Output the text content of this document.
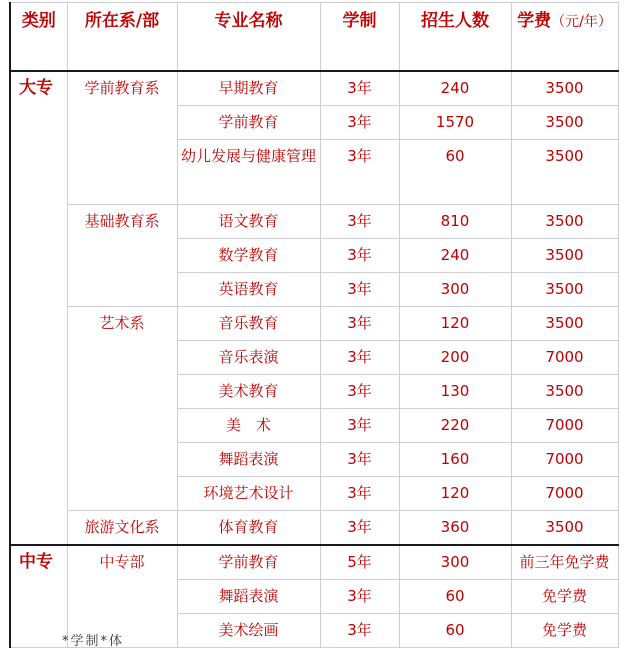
类别	所在系/部	专业名称	学制	招生人数	学费（元/年）
大专	学前教育系	早期教育	3年	240	3500
		学前教育	3年	1570	3500
		幼儿发展与健康管理	3年	60	3500
	基础教育系	语文教育	3年	810	3500
		数学教育	3年	240	3500
		英语教育	3年	300	3500
	艺术系	音乐教育	3年	120	3500
		音乐表演	3年	200	7000
		美术教育	3年	130	3500
		美　术	3年	220	7000
		舞蹈表演	3年	160	7000
		环境艺术设计	3年	120	7000
	旅游文化系	体育教育	3年	360	3500
中专	中专部	学前教育	5年	300	前三年免学费
		舞蹈表演	3年	60	免学费
		美术绘画	3年	60	免学费
*学制*体
